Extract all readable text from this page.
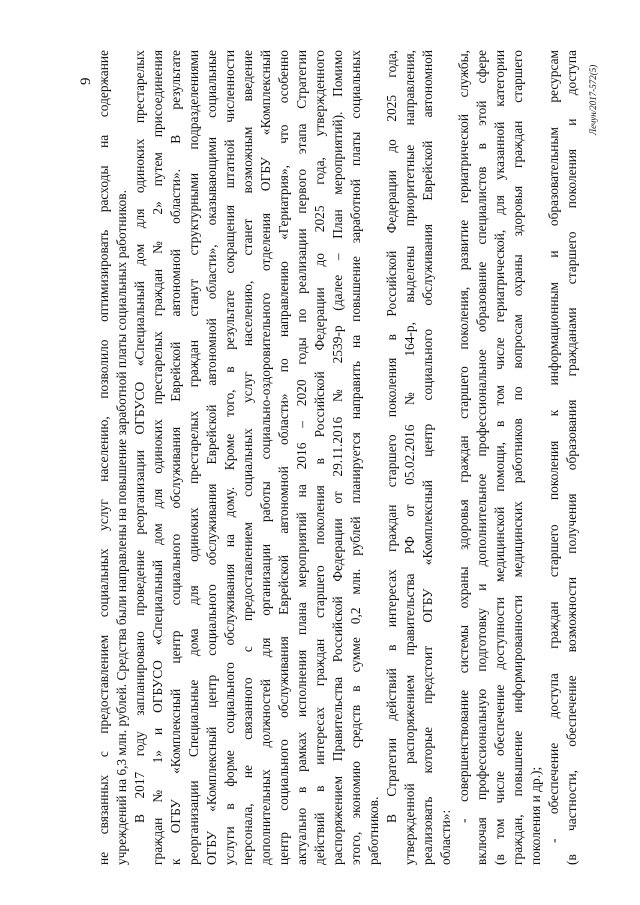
9 не связанных с предоставлением социальных услуг населению, позволило оптимизировать расходы на содержание учреждений на 6,3 млн. рублей. Средства были направлены на повышение заработной платы социальных работников. В 2017 году запланировано проведение реорганизации ОГБУСО «Специальный дом для одиноких престарелых граждан № 1» и ОГБУСО «Специальный дом для одиноких престарелых граждан № 2» путем присоединения к ОГБУ «Комплексный центр социального обслуживания Еврейской автономной области». В результате реорганизации Специальные дома для одиноких престарелых граждан станут структурными подразделениями ОГБУ «Комплексный центр социального обслуживания Еврейской автономной области», оказывающими социальные услуги в форме социального обслуживания на дому. Кроме того, в результате сокращения штатной численности персонала, не связанного с предоставлением социальных услуг населению, станет возможным введение дополнительных должностей для организации работы социально-оздоровительного отделения ОГБУ «Комплексный центр социального обслуживания Еврейской автономной области» по направлению «Гериатрия», что особенно актуально в рамках исполнения плана мероприятий на 2016 – 2020 годы по реализации первого этапа Стратегии действий в интересах граждан старшего поколения в Российской Федерации до 2025 года, утвержденного распоряжением Правительства Российской Федерации от 29.11.2016 № 2539-р (далее – План мероприятий). Помимо этого, экономию средств в сумме 0,2 млн. рублей планируется направить на повышение заработной платы социальных работников.
В Стратегии действий в интересах граждан старшего поколения в Российской Федерации до 2025 года, утвержденной распоряжением правительства РФ от 05.02.2016 № 164-р, выделены приоритетные направления, реализовать которые предстоит ОГБУ «Комплексный центр социального обслуживания Еврейской автономной области»:
- совершенствование системы охраны здоровья граждан старшего поколения, развитие гериатрической службы, включая профессиональную подготовку и дополнительное профессиональное образование специалистов в этой сфере (в том числе обеспечение доступности медицинской помощи, в том числе гериатрической, для указанной категории граждан, повышение информированности медицинских работников по вопросам охраны здоровья граждан старшего поколения и др.); - обеспечение доступа граждан старшего поколения к информационным и образовательным ресурсам (в частности, обеспечение возможности получения образования гражданами старшего поколения и доступа Лечун/2017-572(5)
